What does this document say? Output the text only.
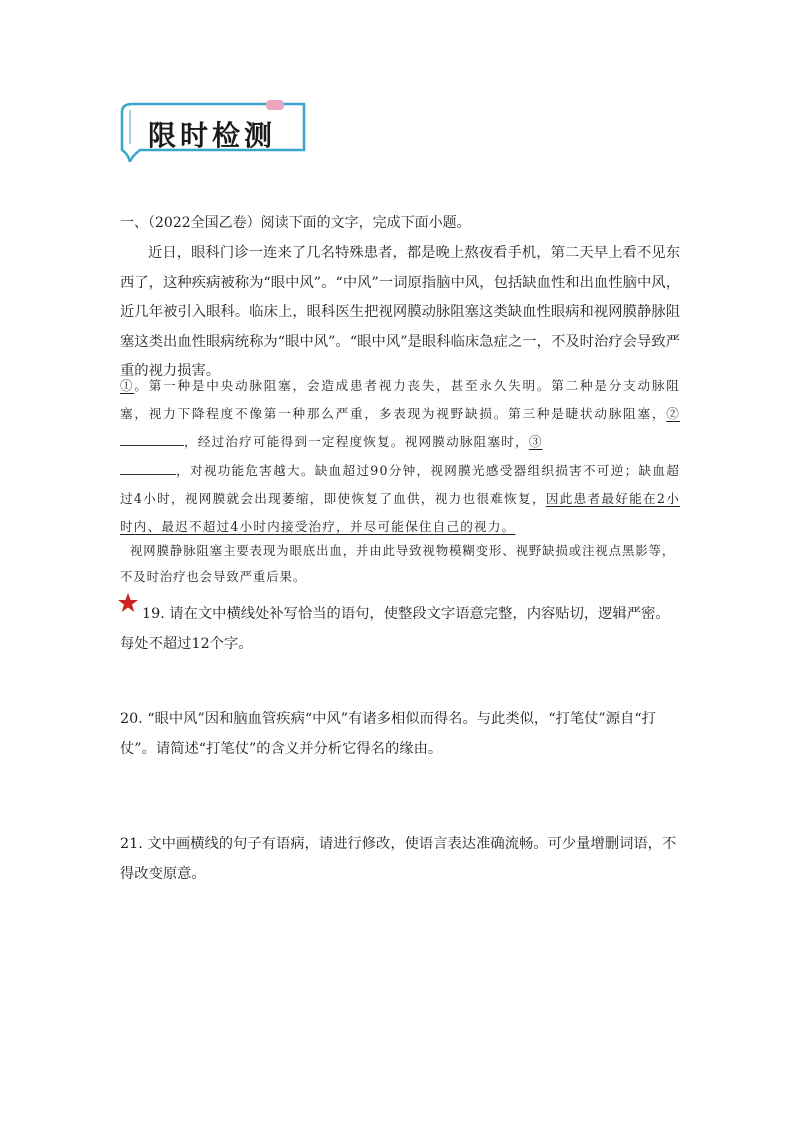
限时检测
一、（2022全国乙卷）阅读下面的文字，完成下面小题。
近日，眼科门诊一连来了几名特殊患者，都是晚上熬夜看手机，第二天早上看不见东西了，这种疾病被称为“眼中风”。“中风”一词原指脑中风，包括缺血性和出血性脑中风，近几年被引入眼科。临床上，眼科医生把视网膜动脉阻塞这类缺血性眼病和视网膜静脉阻塞这类出血性眼病统称为“眼中风”。“眼中风”是眼科临床急症之一，不及时治疗会导致严重的视力损害。
①。第一种是中央动脉阻塞，会造成患者视力丧失，甚至永久失明。第二种是分支动脉阻塞，视力下降程度不像第一种那么严重，多表现为视野缺损。第三种是睫状动脉阻塞，②，经过治疗可能得到一定程度恢复。视网膜动脉阻塞时，③
，对视功能危害越大。缺血超过90分钟，视网膜光感受器组织损害不可逆；缺血超过4小时，视网膜就会出现萎缩，即使恢复了血供，视力也很难恢复，因此患者最好能在2小时内、最迟不超过4小时内接受治疗，并尽可能保住自己的视力。
视网膜静脉阻塞主要表现为眼底出血，并由此导致视物模糊变形、视野缺损或注视点黑影等，不及时治疗也会导致严重后果。
19. 请在文中横线处补写恰当的语句，使整段文字语意完整，内容贴切，逻辑严密。每处不超过12个字。
20. “眼中风”因和脑血管疾病“中风”有诸多相似而得名。与此类似，“打笔仗”源自“打仗”。请简述“打笔仗”的含义并分析它得名的缘由。
21. 文中画横线的句子有语病，请进行修改，使语言表达准确流畅。可少量增删词语，不得改变原意。
